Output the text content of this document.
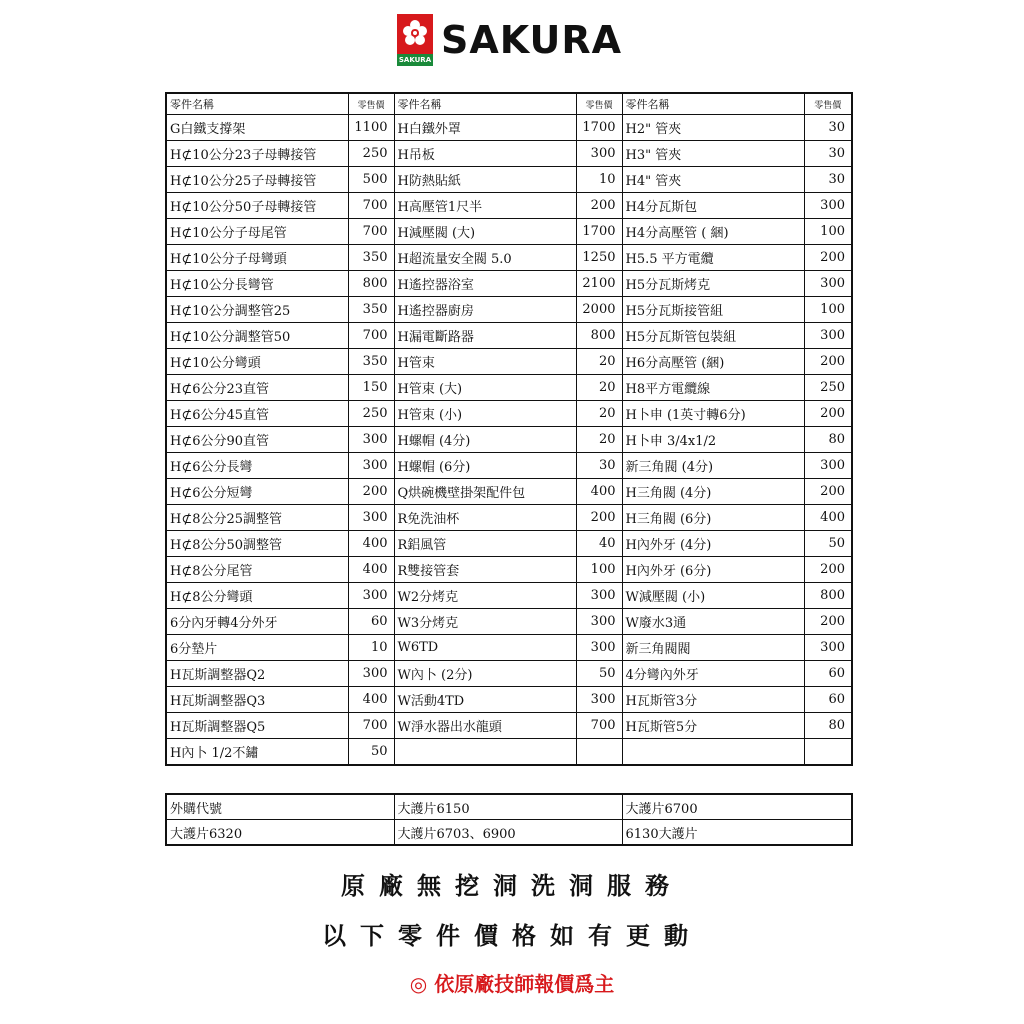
SAKURA SAKURA
零件名稱	零售價	零件名稱	零售價	零件名稱	零售價
G白鐵支撐架	1100	H白鐵外罩	1700	H2" 管夾	30
H⊄10公分23子母轉接管	250	H吊板	300	H3" 管夾	30
H⊄10公分25子母轉接管	500	H防熱貼紙	10	H4" 管夾	30
H⊄10公分50子母轉接管	700	H高壓管1尺半	200	H4分瓦斯包	300
H⊄10公分子母尾管	700	H減壓閥 (大)	1700	H4分高壓管 ( 綑)	100
H⊄10公分子母彎頭	350	H超流量安全閥 5.0	1250	H5.5 平方電纜	200
H⊄10公分長彎管	800	H遙控器浴室	2100	H5分瓦斯烤克	300
H⊄10公分調整管25	350	H遙控器廚房	2000	H5分瓦斯接管組	100
H⊄10公分調整管50	700	H漏電斷路器	800	H5分瓦斯管包裝組	300
H⊄10公分彎頭	350	H管束	20	H6分高壓管 (綑)	200
H⊄6公分23直管	150	H管束 (大)	20	H8平方電纜線	250
H⊄6公分45直管	250	H管束 (小)	20	H卜申 (1英寸轉6分)	200
H⊄6公分90直管	300	H螺帽 (4分)	20	H卜申 3/4x1/2	80
H⊄6公分長彎	300	H螺帽 (6分)	30	新三角閥 (4分)	300
H⊄6公分短彎	200	Q烘碗機壁掛架配件包	400	H三角閥 (4分)	200
H⊄8公分25調整管	300	R免洗油杯	200	H三角閥 (6分)	400
H⊄8公分50調整管	400	R鋁風管	40	H內外牙 (4分)	50
H⊄8公分尾管	400	R雙接管套	100	H內外牙 (6分)	200
H⊄8公分彎頭	300	W2分烤克	300	W減壓閥 (小)	800
6分內牙轉4分外牙	60	W3分烤克	300	W廢水3通	200
6分墊片	10	W6TD	300	新三角閥閥	300
H瓦斯調整器Q2	300	W內卜 (2分)	50	4分彎內外牙	60
H瓦斯調整器Q3	400	W活動4TD	300	H瓦斯管3分	60
H瓦斯調整器Q5	700	W淨水器出水龍頭	700	H瓦斯管5分	80
H內卜 1/2不鏽	50				
外購代號	大護片6150	大護片6700
大護片6320	大護片6703、6900	6130大護片
原廠無挖洞洗洞服務
以下零件價格如有更動
◎ 依原廠技師報價爲主
